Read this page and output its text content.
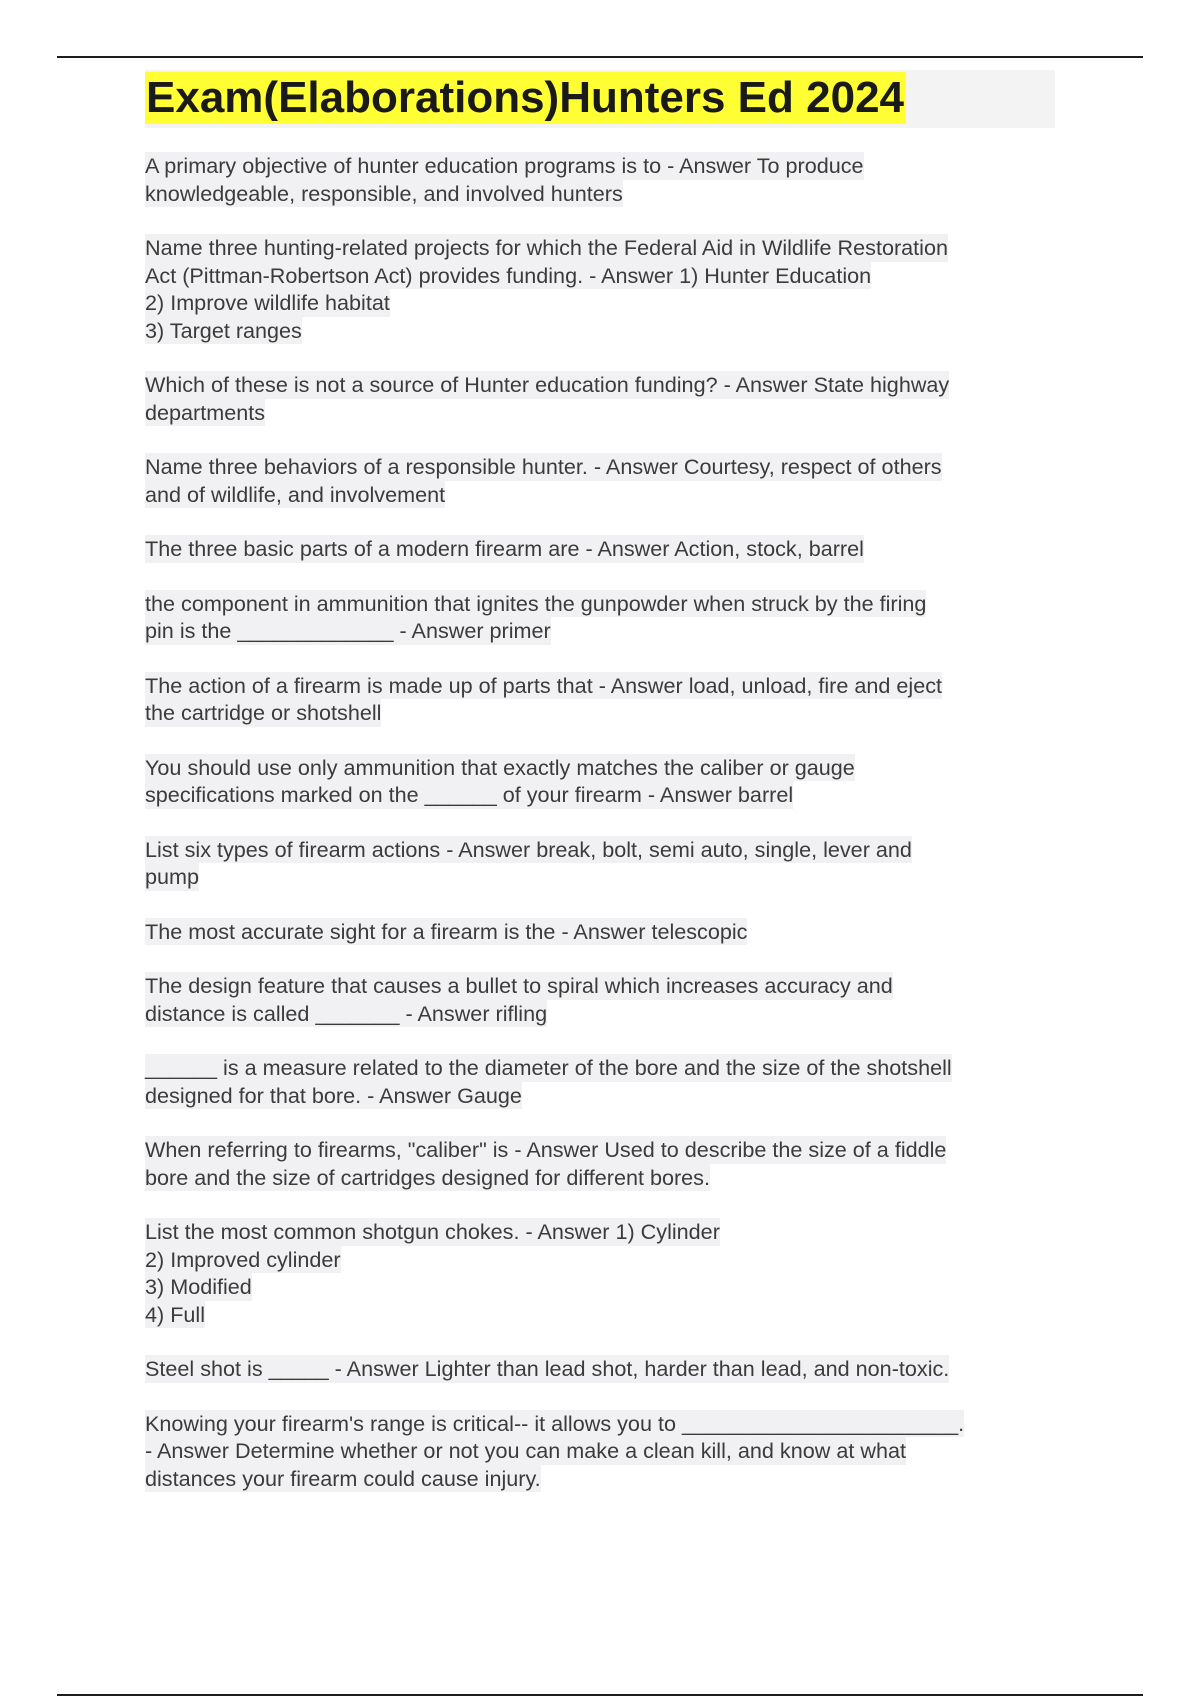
Exam(Elaborations)Hunters Ed 2024

A primary objective of hunter education programs is to - Answer To produce
knowledgeable, responsible, and involved hunters

Name three hunting-related projects for which the Federal Aid in Wildlife Restoration
Act (Pittman-Robertson Act) provides funding. - Answer 1) Hunter Education
2) Improve wildlife habitat
3) Target ranges

Which of these is not a source of Hunter education funding? - Answer State highway
departments

Name three behaviors of a responsible hunter. - Answer Courtesy, respect of others
and of wildlife, and involvement

The three basic parts of a modern firearm are - Answer Action, stock, barrel

the component in ammunition that ignites the gunpowder when struck by the firing
pin is the _____________ - Answer primer

The action of a firearm is made up of parts that - Answer load, unload, fire and eject
the cartridge or shotshell

You should use only ammunition that exactly matches the caliber or gauge
specifications marked on the ______ of your firearm - Answer barrel

List six types of firearm actions - Answer break, bolt, semi auto, single, lever and
pump

The most accurate sight for a firearm is the - Answer telescopic

The design feature that causes a bullet to spiral which increases accuracy and
distance is called _______ - Answer rifling

______ is a measure related to the diameter of the bore and the size of the shotshell
designed for that bore. - Answer Gauge

When referring to firearms, "caliber" is - Answer Used to describe the size of a fiddle
bore and the size of cartridges designed for different bores.

List the most common shotgun chokes. - Answer 1) Cylinder
2) Improved cylinder
3) Modified
4) Full

Steel shot is _____ - Answer Lighter than lead shot, harder than lead, and non-toxic.

Knowing your firearm's range is critical-- it allows you to _______________________.
- Answer Determine whether or not you can make a clean kill, and know at what
distances your firearm could cause injury.
